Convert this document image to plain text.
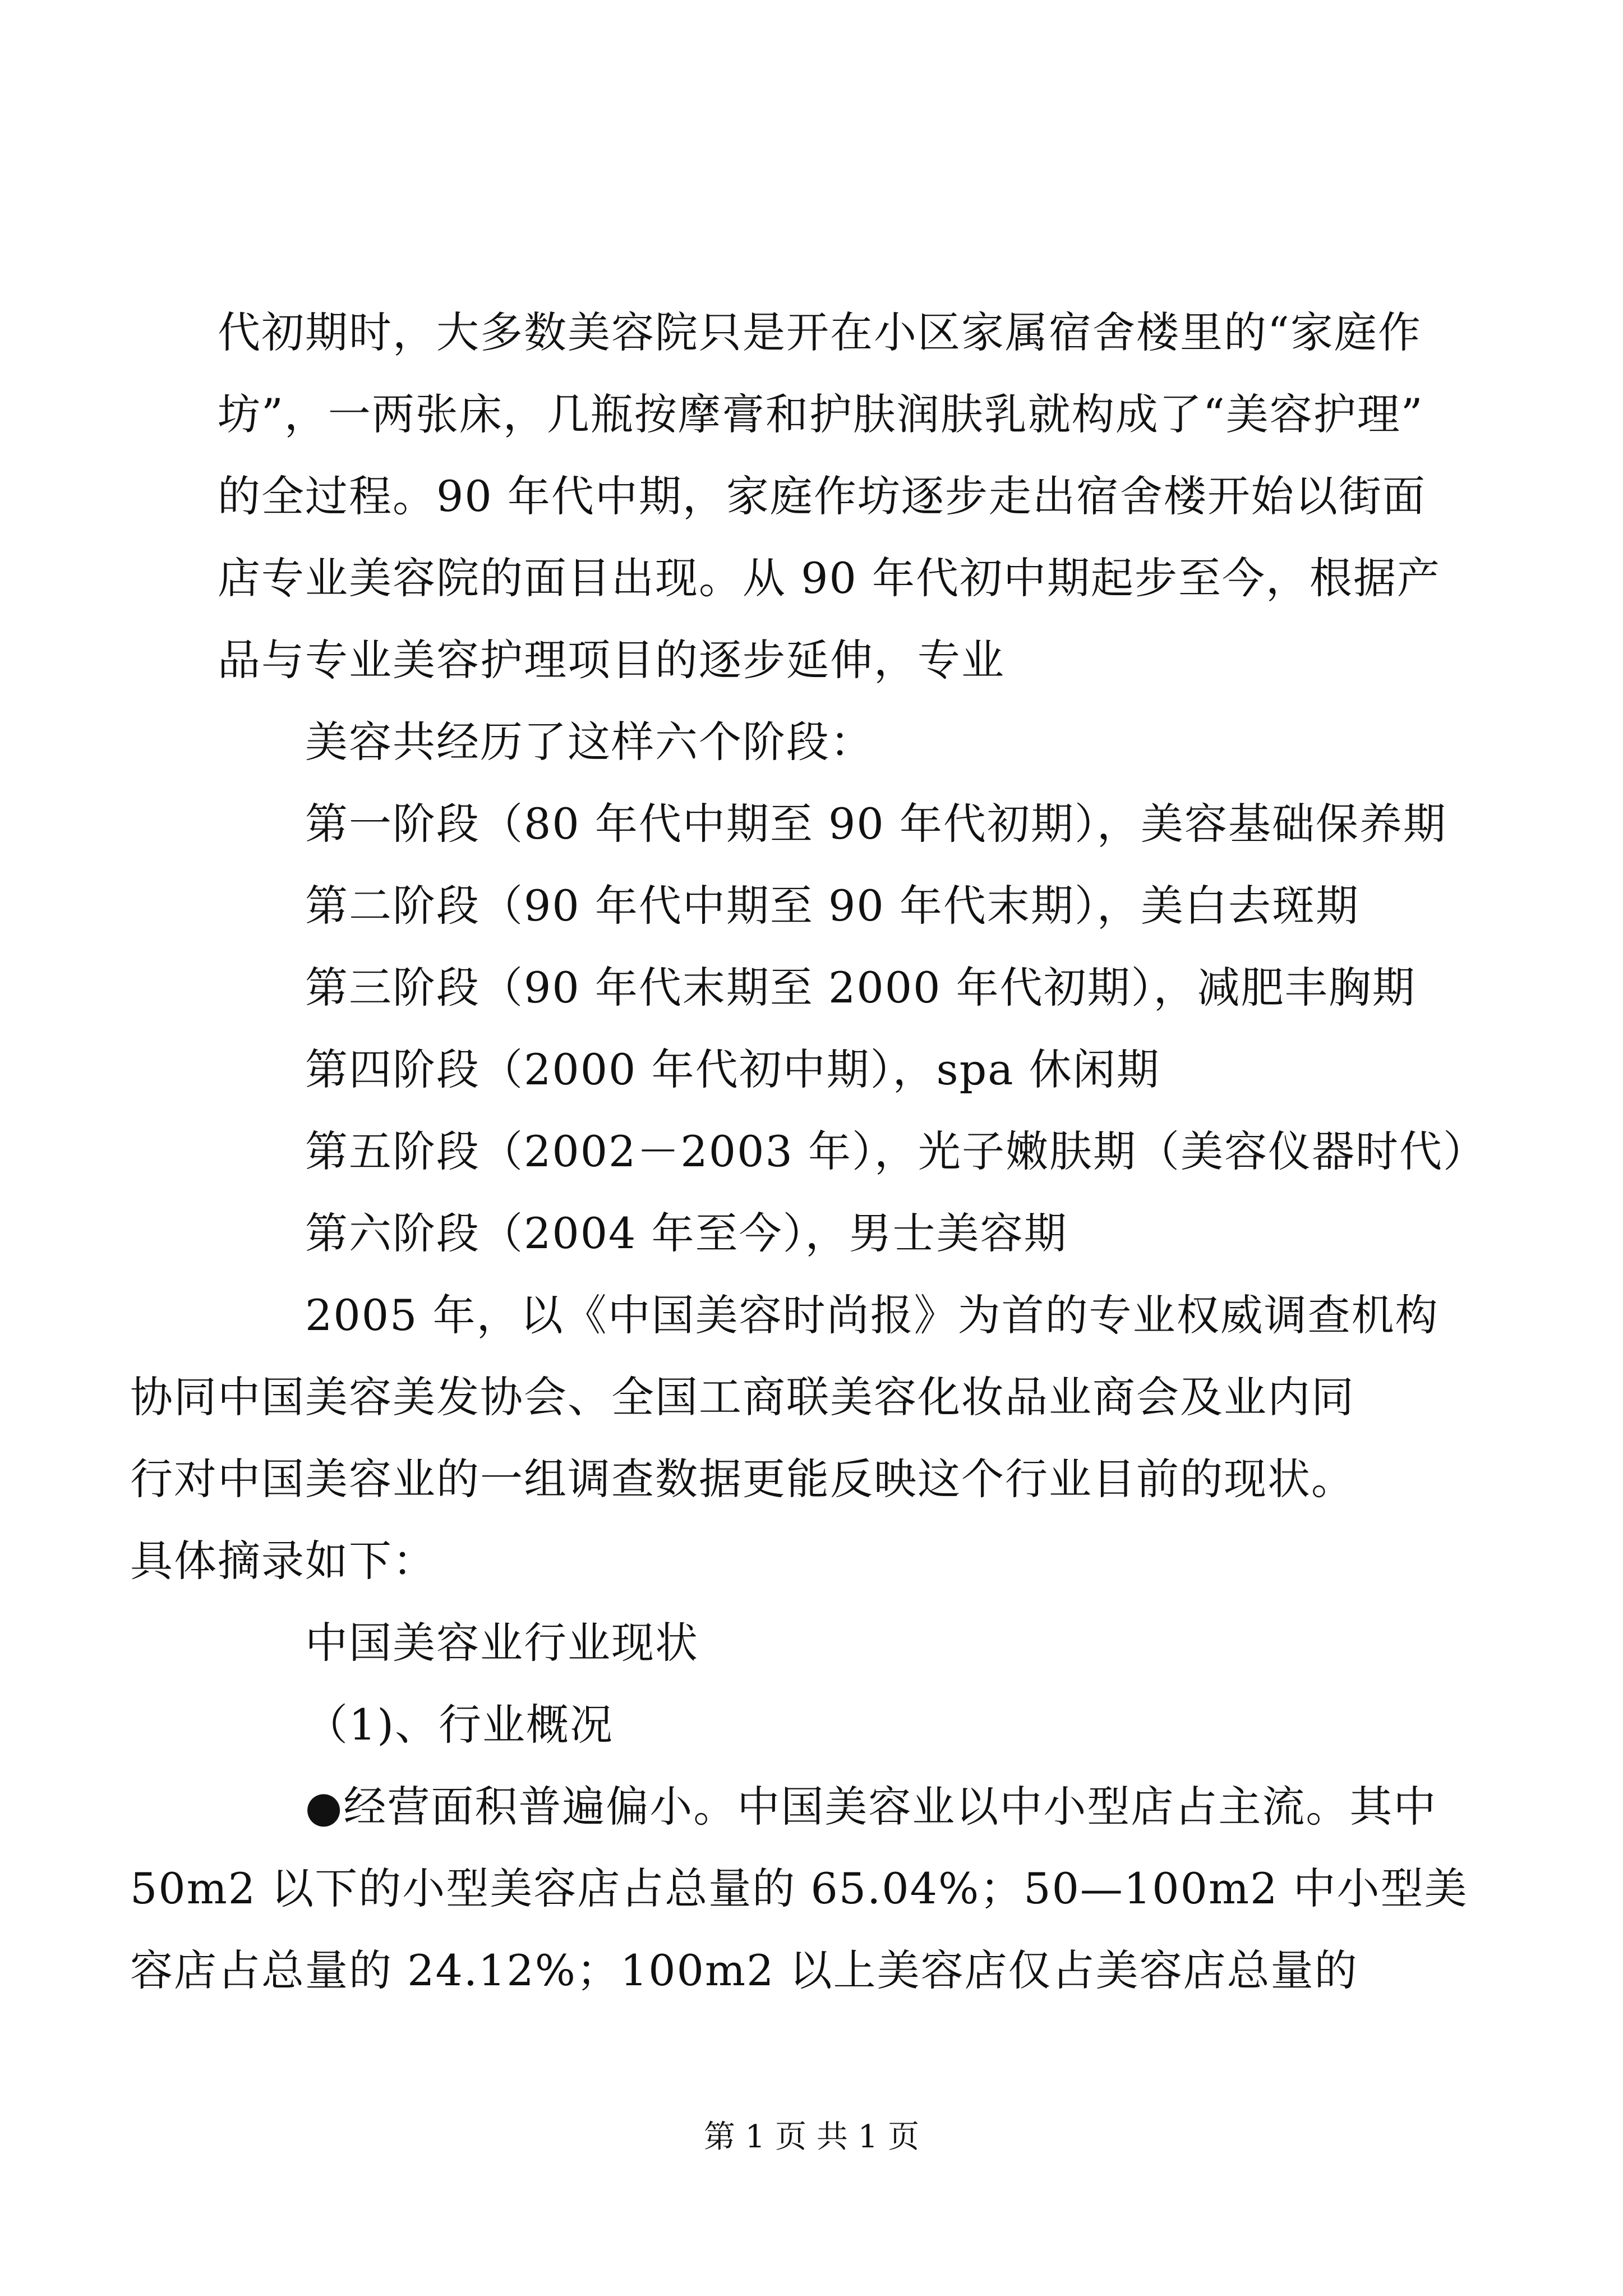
代初期时，大多数美容院只是开在小区家属宿舍楼里的“家庭作
坊”，一两张床，几瓶按摩膏和护肤润肤乳就构成了“美容护理”
的全过程。90 年代中期，家庭作坊逐步走出宿舍楼开始以街面
店专业美容院的面目出现。从 90 年代初中期起步至今，根据产
品与专业美容护理项目的逐步延伸，专业

美容共经历了这样六个阶段：

第一阶段（80 年代中期至 90 年代初期），美容基础保养期

第二阶段（90 年代中期至 90 年代末期），美白去斑期

第三阶段（90 年代末期至 2000 年代初期），减肥丰胸期

第四阶段（2000 年代初中期），spa 休闲期

第五阶段（2002－2003 年），光子嫩肤期（美容仪器时代）

第六阶段（2004 年至今），男士美容期

2005 年，以《中国美容时尚报》为首的专业权威调查机构
协同中国美容美发协会、全国工商联美容化妆品业商会及业内同
行对中国美容业的一组调查数据更能反映这个行业目前的现状。
具体摘录如下：

中国美容业行业现状

（1)、行业概况

●经营面积普遍偏小。中国美容业以中小型店占主流。其中
50m2 以下的小型美容店占总量的 65.04%；50—100m2 中小型美
容店占总量的 24.12%；100m2 以上美容店仅占美容店总量的

第 1 页 共 1 页
